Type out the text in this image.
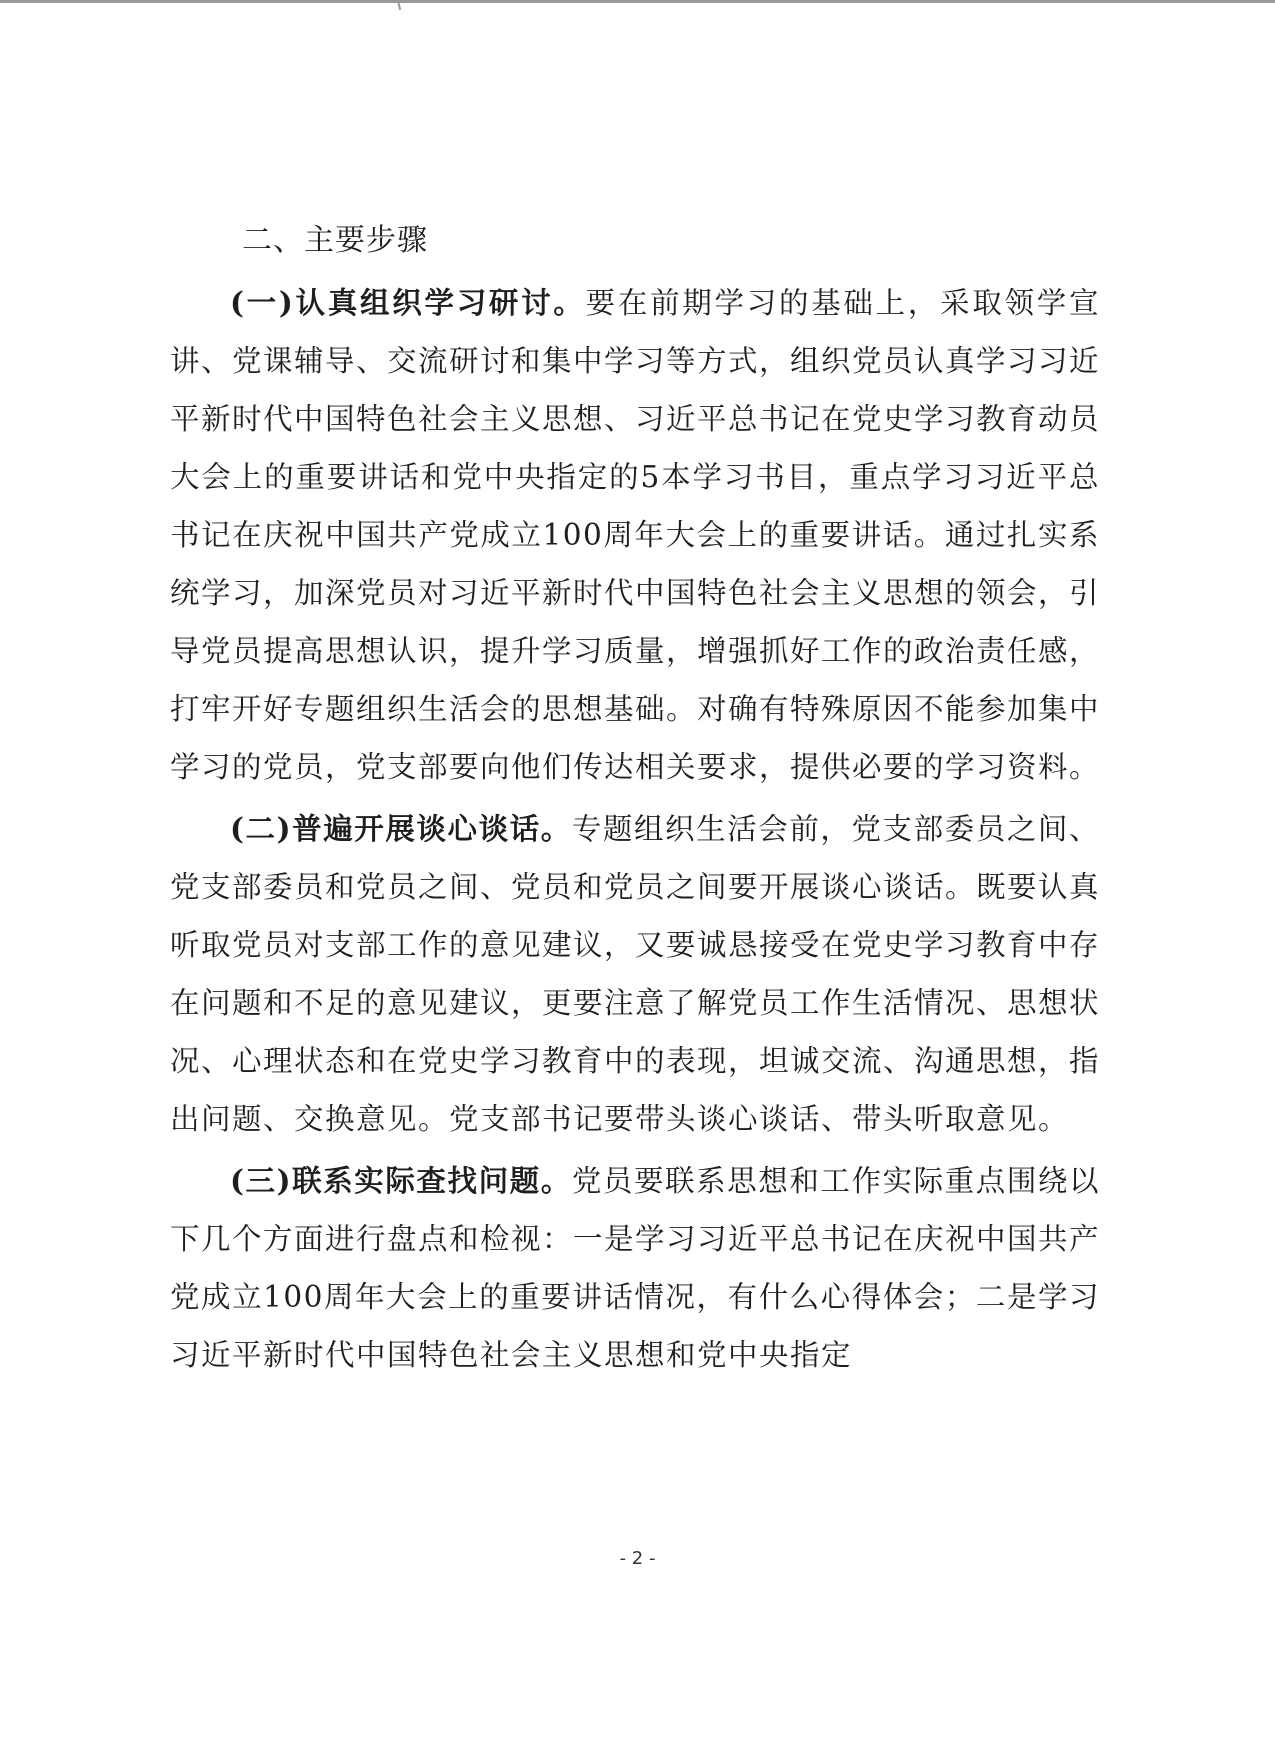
二、主要步骤

(一)认真组织学习研讨。要在前期学习的基础上，采取领学宣讲、党课辅导、交流研讨和集中学习等方式，组织党员认真学习习近平新时代中国特色社会主义思想、习近平总书记在党史学习教育动员大会上的重要讲话和党中央指定的5本学习书目，重点学习习近平总书记在庆祝中国共产党成立100周年大会上的重要讲话。通过扎实系统学习，加深党员对习近平新时代中国特色社会主义思想的领会，引导党员提高思想认识，提升学习质量，增强抓好工作的政治责任感，打牢开好专题组织生活会的思想基础。对确有特殊原因不能参加集中学习的党员，党支部要向他们传达相关要求，提供必要的学习资料。

(二)普遍开展谈心谈话。专题组织生活会前，党支部委员之间、党支部委员和党员之间、党员和党员之间要开展谈心谈话。既要认真听取党员对支部工作的意见建议，又要诚恳接受在党史学习教育中存在问题和不足的意见建议，更要注意了解党员工作生活情况、思想状况、心理状态和在党史学习教育中的表现，坦诚交流、沟通思想，指出问题、交换意见。党支部书记要带头谈心谈话、带头听取意见。

(三)联系实际查找问题。党员要联系思想和工作实际重点围绕以下几个方面进行盘点和检视：一是学习习近平总书记在庆祝中国共产党成立100周年大会上的重要讲话情况，有什么心得体会；二是学习习近平新时代中国特色社会主义思想和党中央指定

- 2 -
